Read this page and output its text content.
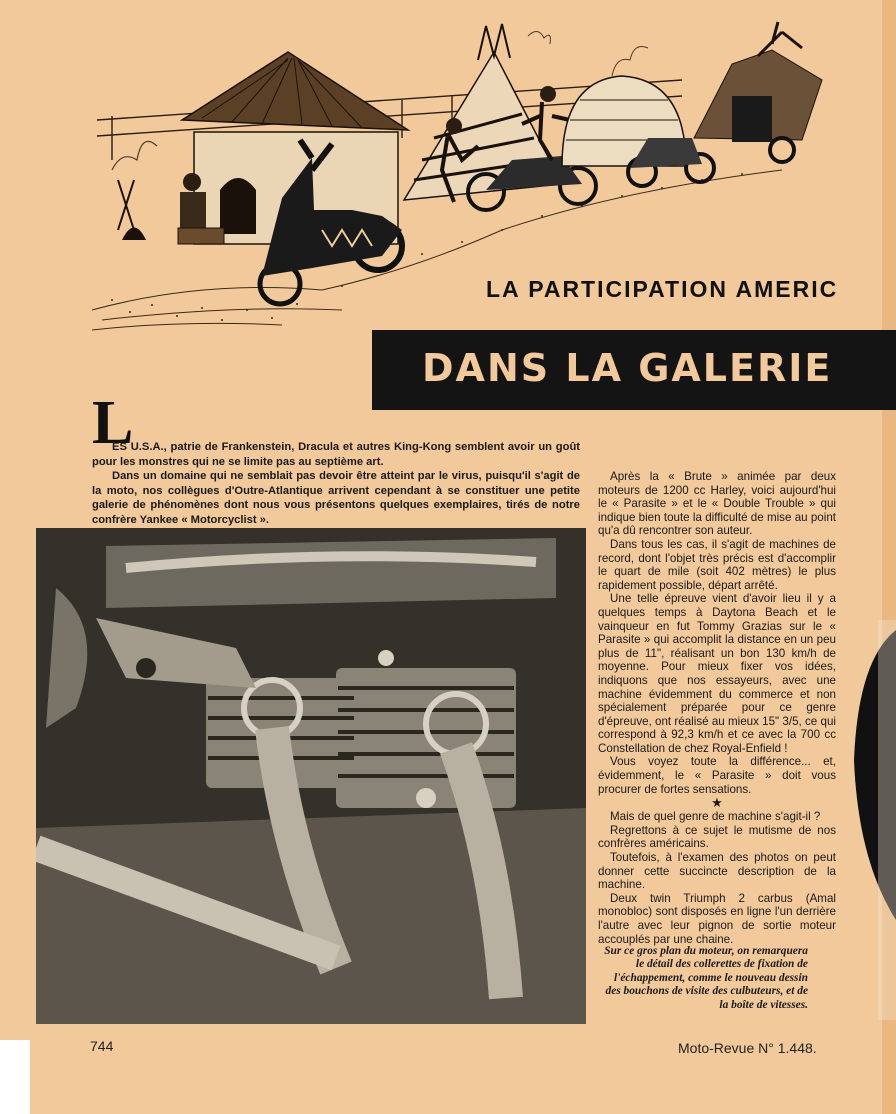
LA PARTICIPATION AMERIC
DANS LA GALERIE
L

ES U.S.A., patrie de Frankenstein, Dracula et autres King-Kong semblent avoir un goût pour les monstres qui ne se limite pas au septième art.

Dans un domaine qui ne semblait pas devoir être atteint par le virus, puisqu'il s'agit de la moto, nos collègues d'Outre-Atlantique arrivent cependant à se constituer une petite galerie de phénomènes dont nous vous présentons quelques exemplaires, tirés de notre confrère Yankee « Motorcyclist ».

Après la « Brute » animée par deux moteurs de 1200 cc Harley, voici aujourd'hui le « Parasite » et le « Double Trouble » qui indique bien toute la difficulté de mise au point qu'a dû rencontrer son auteur.

Dans tous les cas, il s'agit de machines de record, dont l'objet très précis est d'accomplir le quart de mile (soit 402 mètres) le plus rapidement possible, départ arrêté.

Une telle épreuve vient d'avoir lieu il y a quelques temps à Daytona Beach et le vainqueur en fut Tommy Grazias sur le « Parasite » qui accomplit la distance en un peu plus de 11", réalisant un bon 130 km/h de moyenne. Pour mieux fixer vos idées, indiquons que nos essayeurs, avec une machine évidemment du commerce et non spécialement préparée pour ce genre d'épreuve, ont réalisé au mieux 15" 3/5, ce qui correspond à 92,3 km/h et ce avec la 700 cc Constellation de chez Royal-Enfield !

Vous voyez toute la différence... et, évidemment, le « Parasite » doit vous procurer de fortes sensations.

★

Mais de quel genre de machine s'agit-il ?

Regrettons à ce sujet le mutisme de nos confrères américains.

Toutefois, à l'examen des photos on peut donner cette succincte description de la machine.

Deux twin Triumph 2 carbus (Amal monobloc) sont disposés en ligne l'un derrière l'autre avec leur pignon de sortie moteur accouplés par une chaine.

Sur ce gros plan du moteur, on remarquera le détail des collerettes de fixation de l'échappement, comme le nouveau dessin des bouchons de visite des culbuteurs, et de la boîte de vitesses.
744	Moto-Revue N° 1.448.
